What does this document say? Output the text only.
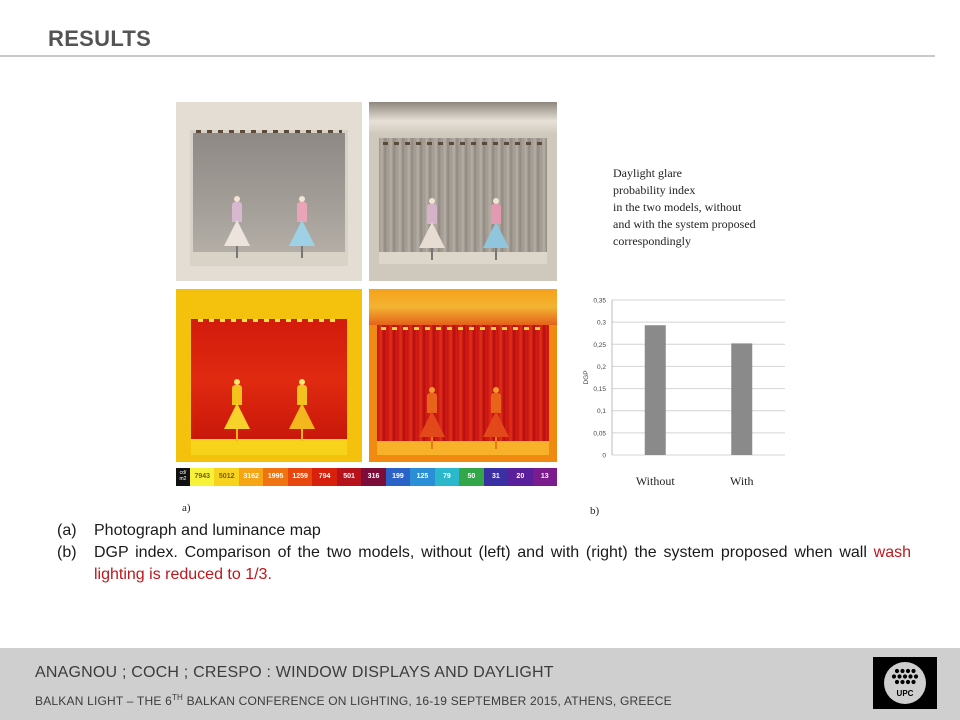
RESULTS
cd/
m2	7943	5012	3162	1995	1259	794	501	316	199	125	79	50	31	20	13
a)	b)
Daylight glare
probability index
in the two models, without
and with the system proposed
correspondingly
0
0,05
0,1
0,15
0,2
0,25
0,3
0,35
DGP
Without	With
(a)	Photograph and luminance map
(b)	DGP index. Comparison of the two models, without (left) and with (right) the system proposed when wall wash lighting is reduced to 1/3.
ANAGNOU ; COCH ; CRESPO : WINDOW DISPLAYS AND DAYLIGHT
BALKAN LIGHT – THE 6TH BALKAN CONFERENCE ON LIGHTING, 16-19 SEPTEMBER 2015, ATHENS, GREECE
UPC
